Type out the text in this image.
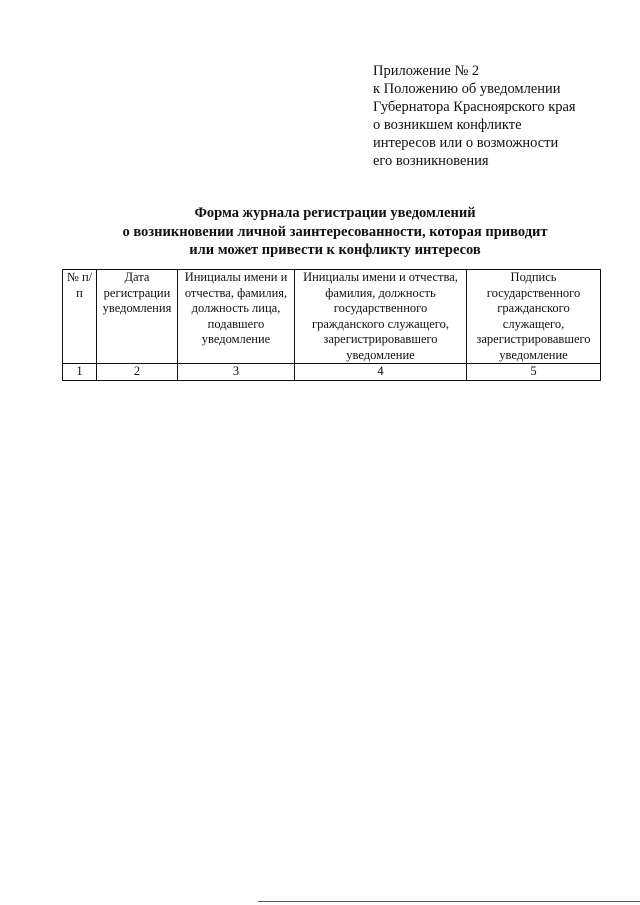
Приложение № 2
к Положению об уведомлении
Губернатора Красноярского края
о возникшем конфликте
интересов или о возможности
его возникновения
Форма журнала регистрации уведомлений
о возникновении личной заинтересованности, которая приводит
или может привести к конфликту интересов
№ п/п	Дата регистрации уведомления	Инициалы имени и отчества, фамилия, должность лица, подавшего уведомление	Инициалы имени и отчества, фамилия, должность государственного гражданского служащего, зарегистрировавшего уведомление	Подпись государственного гражданского служащего, зарегистрировавшего уведомление
1	2	3	4	5
